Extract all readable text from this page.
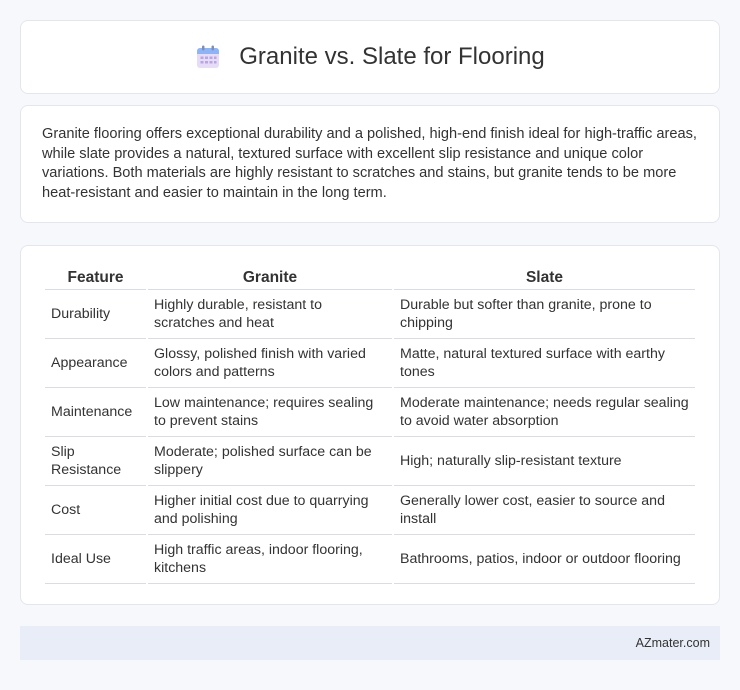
Granite vs. Slate for Flooring

Granite flooring offers exceptional durability and a polished, high-end finish ideal for high-traffic areas, while slate provides a natural, textured surface with excellent slip resistance and unique color variations. Both materials are highly resistant to scratches and stains, but granite tends to be more heat-resistant and easier to maintain in the long term.

Feature	Granite	Slate
Durability	Highly durable, resistant to scratches and heat	Durable but softer than granite, prone to chipping
Appearance	Glossy, polished finish with varied colors and patterns	Matte, natural textured surface with earthy tones
Maintenance	Low maintenance; requires sealing to prevent stains	Moderate maintenance; needs regular sealing to avoid water absorption
Slip Resistance	Moderate; polished surface can be slippery	High; naturally slip-resistant texture
Cost	Higher initial cost due to quarrying and polishing	Generally lower cost, easier to source and install
Ideal Use	High traffic areas, indoor flooring, kitchens	Bathrooms, patios, indoor or outdoor flooring
AZmater.com
